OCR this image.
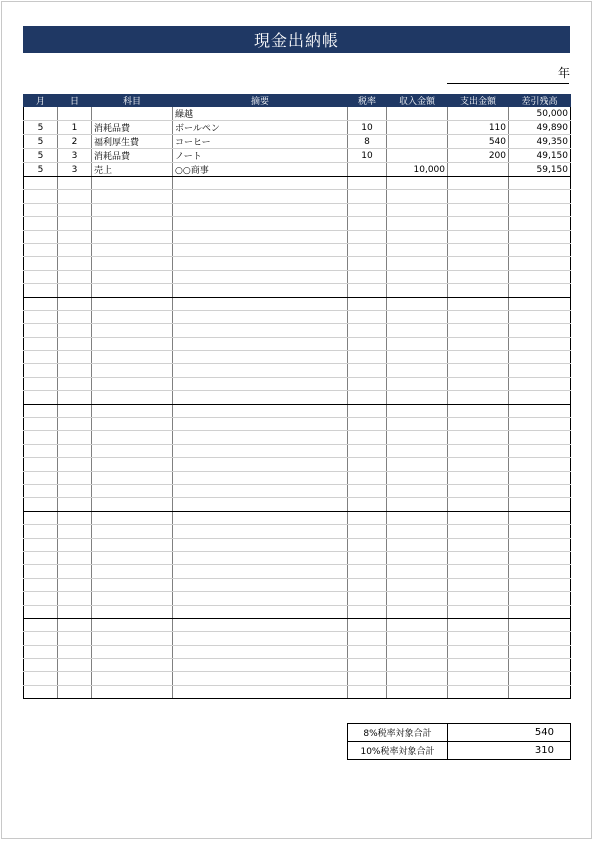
現金出納帳
年
月	日	科目	摘要	税率	収入金額	支出金額	差引残高
			繰越				50,000
5	1	消耗品費	ボールペン	10		110	49,890
5	2	福利厚生費	コーヒー	8		540	49,350
5	3	消耗品費	ノート	10		200	49,150
5	3	売上	○○商事		10,000		59,150

8%税率対象合計	540
10%税率対象合計	310
